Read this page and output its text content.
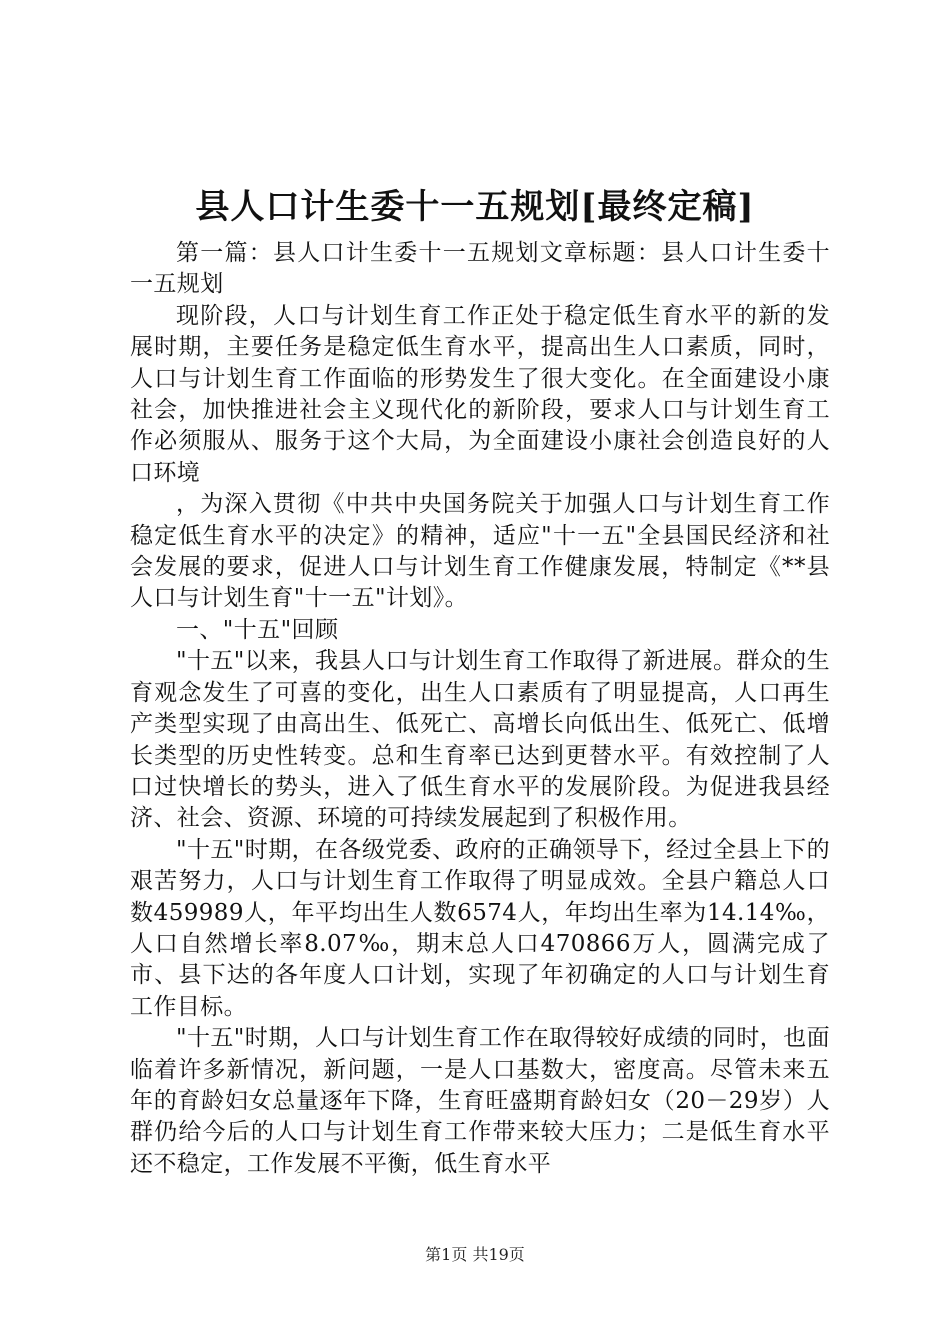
县人口计生委十一五规划[最终定稿]

第一篇：县人口计生委十一五规划文章标题：县人口计生委十一五规划

现阶段，人口与计划生育工作正处于稳定低生育水平的新的发展时期，主要任务是稳定低生育水平，提高出生人口素质，同时，人口与计划生育工作面临的形势发生了很大变化。在全面建设小康社会，加快推进社会主义现代化的新阶段，要求人口与计划生育工作必须服从、服务于这个大局，为全面建设小康社会创造良好的人口环境

，为深入贯彻《中共中央国务院关于加强人口与计划生育工作稳定低生育水平的决定》的精神，适应"十一五"全县国民经济和社会发展的要求，促进人口与计划生育工作健康发展，特制定《**县人口与计划生育"十一五"计划》。

一、"十五"回顾

"十五"以来，我县人口与计划生育工作取得了新进展。群众的生育观念发生了可喜的变化，出生人口素质有了明显提高，人口再生产类型实现了由高出生、低死亡、高增长向低出生、低死亡、低增长类型的历史性转变。总和生育率已达到更替水平。有效控制了人口过快增长的势头，进入了低生育水平的发展阶段。为促进我县经济、社会、资源、环境的可持续发展起到了积极作用。

"十五"时期，在各级党委、政府的正确领导下，经过全县上下的艰苦努力，人口与计划生育工作取得了明显成效。全县户籍总人口数459989人，年平均出生人数6574人，年均出生率为14.14‰，人口自然增长率8.07‰，期末总人口470866万人，圆满完成了市、县下达的各年度人口计划，实现了年初确定的人口与计划生育工作目标。

"十五"时期，人口与计划生育工作在取得较好成绩的同时，也面临着许多新情况，新问题，一是人口基数大，密度高。尽管未来五年的育龄妇女总量逐年下降，生育旺盛期育龄妇女（20－29岁）人群仍给今后的人口与计划生育工作带来较大压力；二是低生育水平还不稳定，工作发展不平衡，低生育水平

第1页 共19页
